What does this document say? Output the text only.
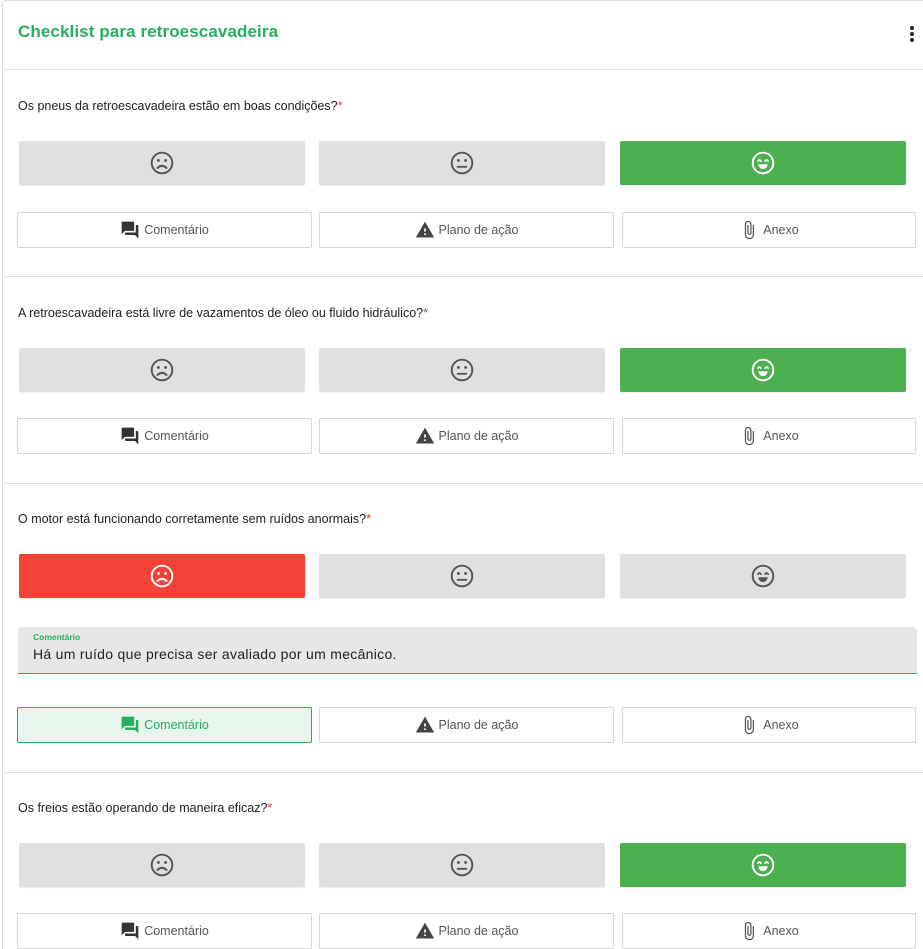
Checklist para retroescavadeira
Os pneus da retroescavadeira estão em boas condições?*
Comentário	Plano de ação	Anexo
A retroescavadeira está livre de vazamentos de óleo ou fluido hidráulico?*
Comentário	Plano de ação	Anexo
O motor está funcionando corretamente sem ruídos anormais?*
Comentário
Há um ruído que precisa ser avaliado por um mecânico.
Comentário	Plano de ação	Anexo
Os freios estão operando de maneira eficaz?*
Comentário	Plano de ação	Anexo
